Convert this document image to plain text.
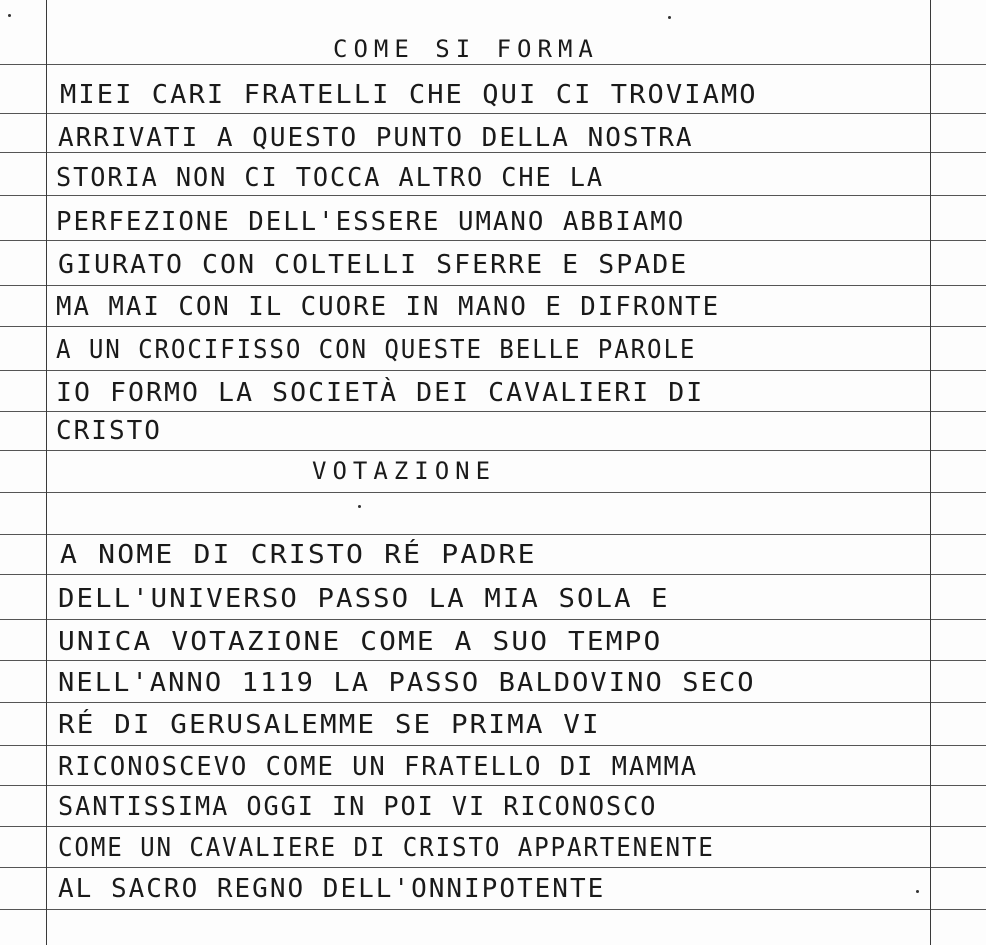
COME SI FORMA
MIEI CARI FRATELLI CHE QUI CI TROVIAMO
ARRIVATI A QUESTO PUNTO DELLA NOSTRA
STORIA NON CI TOCCA ALTRO CHE LA
PERFEZIONE DELL'ESSERE UMANO ABBIAMO
GIURATO CON COLTELLI SFERRE E SPADE
MA MAI CON IL CUORE IN MANO E DIFRONTE
A UN CROCIFISSO CON QUESTE BELLE PAROLE
IO FORMO LA SOCIETÀ DEI CAVALIERI DI
CRISTO
VOTAZIONE
A NOME DI CRISTO RÉ PADRE
DELL'UNIVERSO PASSO LA MIA SOLA E
UNICA VOTAZIONE COME A SUO TEMPO
NELL'ANNO 1119 LA PASSO BALDOVINO SECO
RÉ DI GERUSALEMME SE PRIMA VI
RICONOSCEVO COME UN FRATELLO DI MAMMA
SANTISSIMA OGGI IN POI VI RICONOSCO
COME UN CAVALIERE DI CRISTO APPARTENENTE
AL SACRO REGNO DELL'ONNIPOTENTE
